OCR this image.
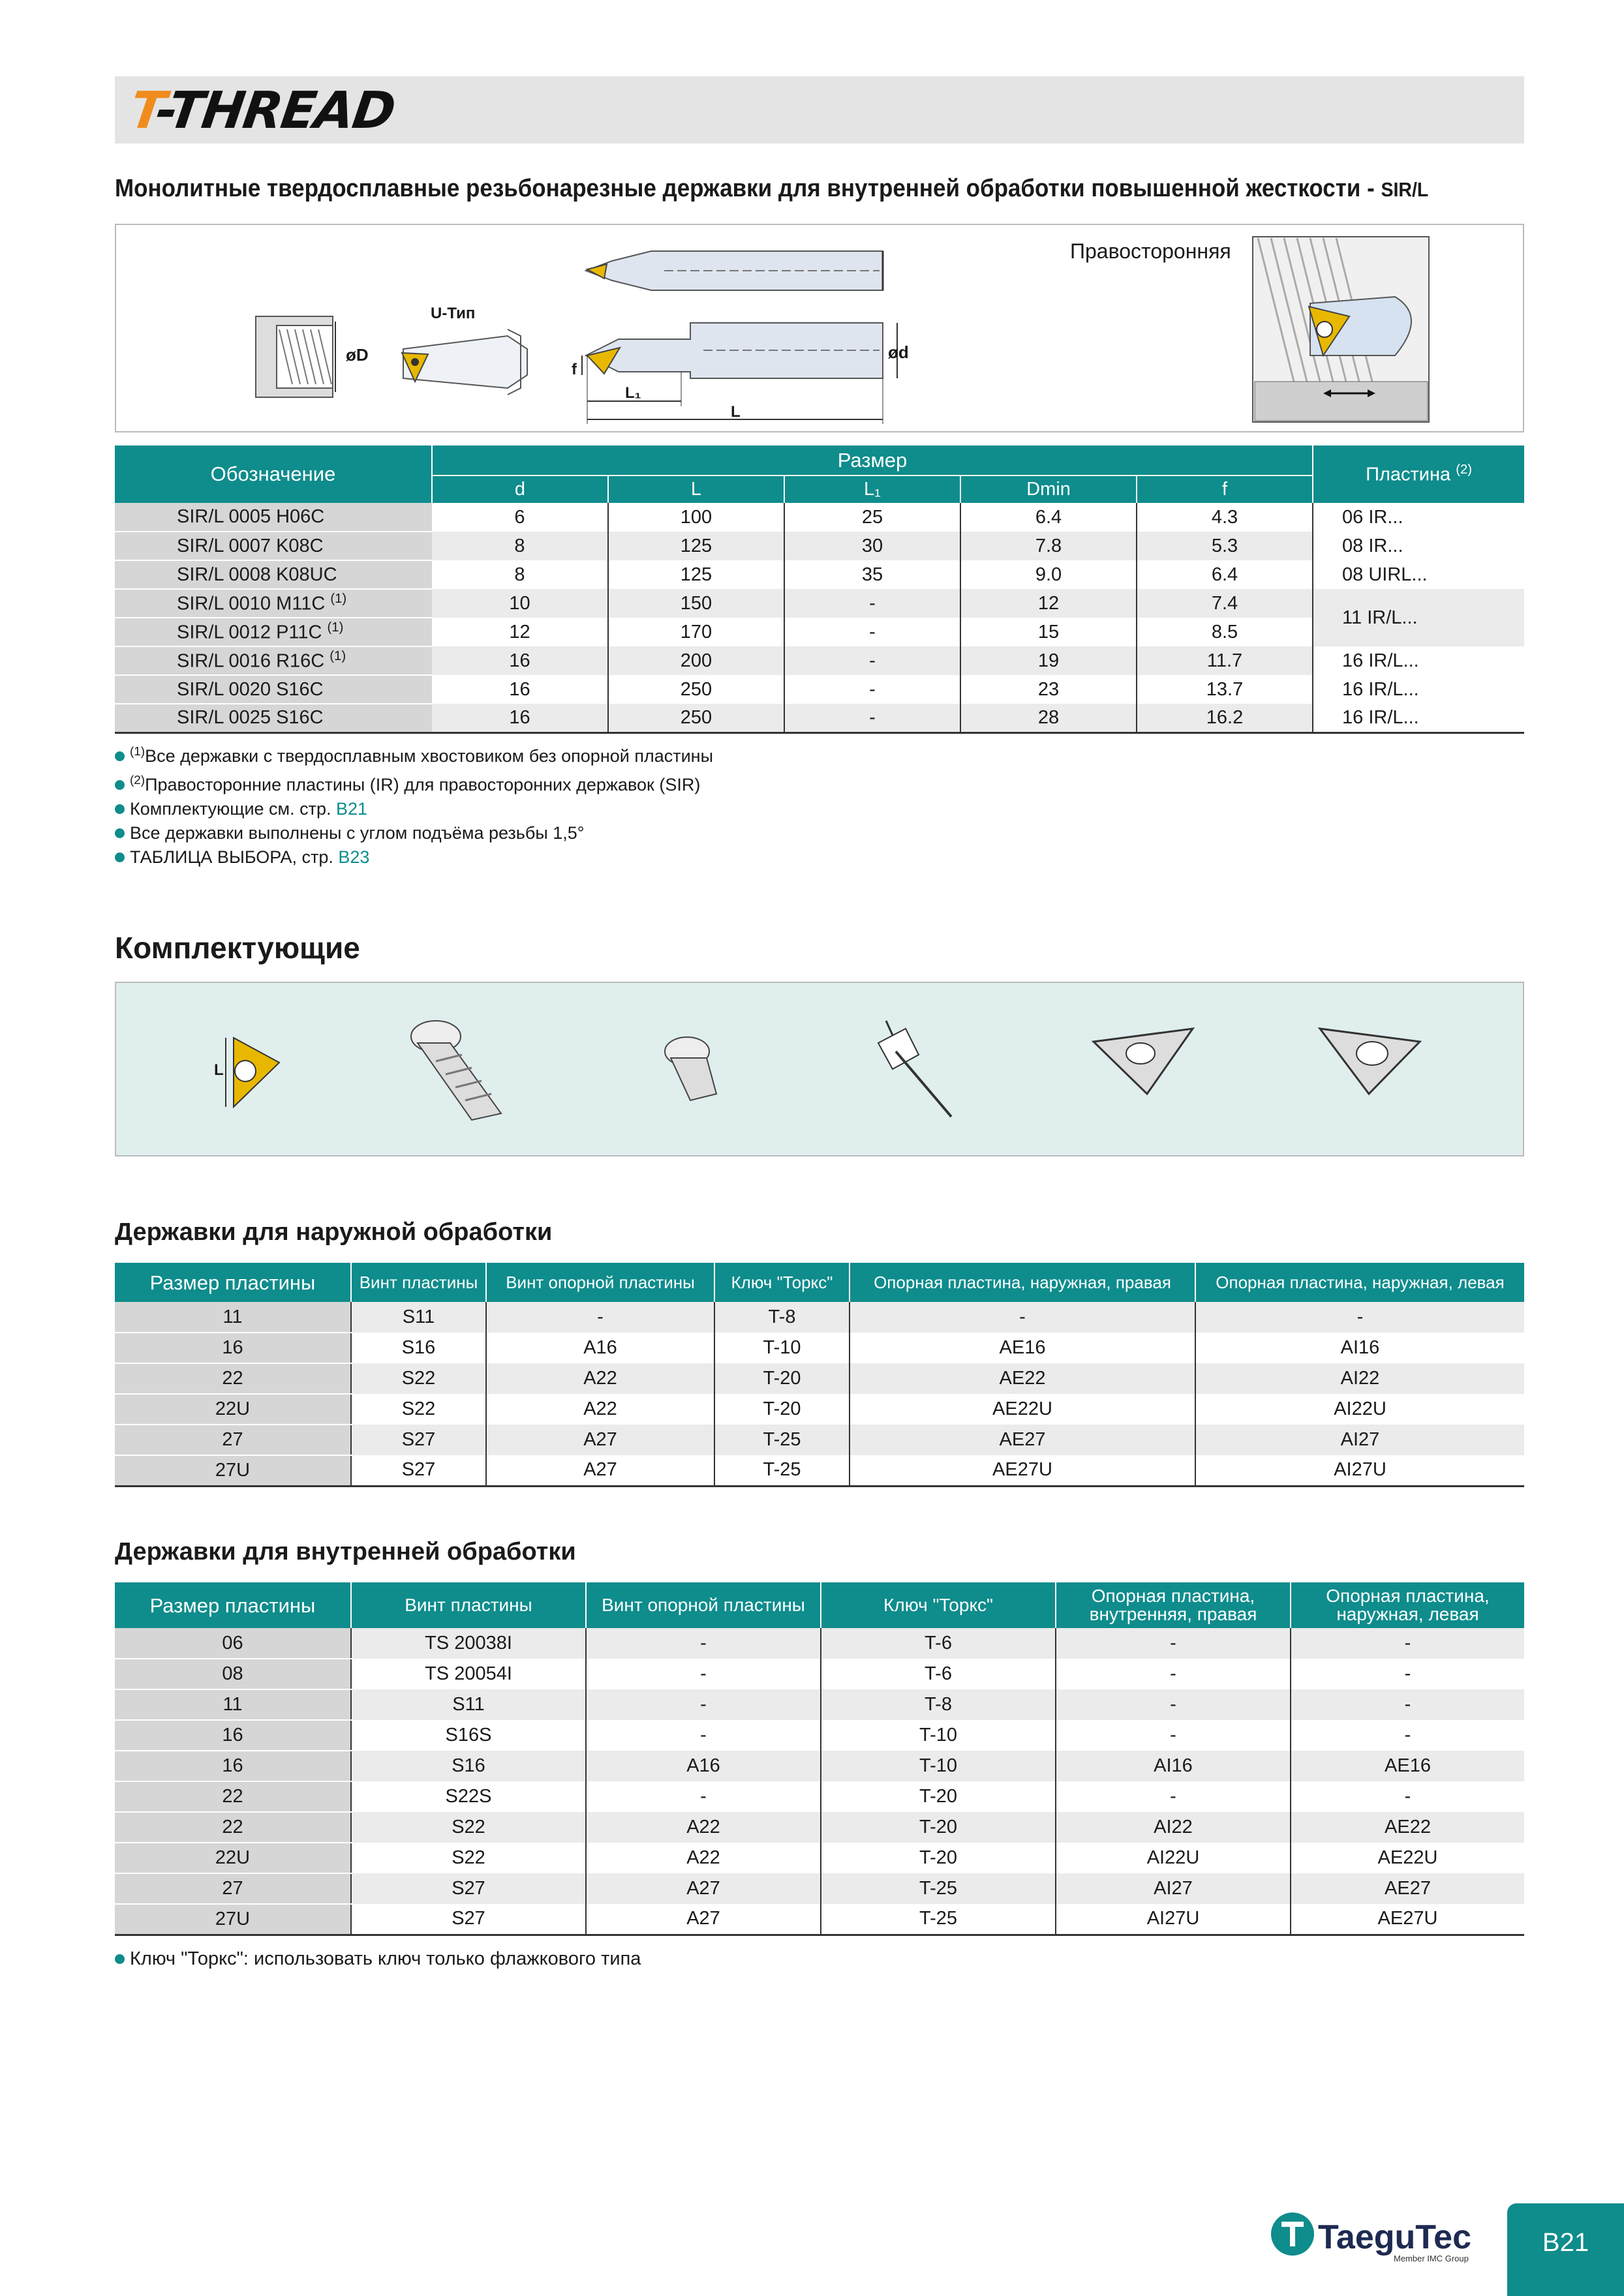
T-THREAD
Монолитные твердосплавные резьбонарезные державки для внутренней обработки повышенной жесткости - SIR/L
U-Тип
Правосторонняя
øD	ød
f
L₁
L
Обозначение	Размер					Пластина $^{(2)}$
	d	L	L₁	Dmin	f	
SIR/L 0005 H06C	6	100	25	6.4	4.3	06 IR...
SIR/L 0007 K08C	8	125	30	7.8	5.3	08 IR...
SIR/L 0008 K08UC	8	125	35	9.0	6.4	08 UIRL...
SIR/L 0010 M11C $^{(1)}$	10	150	-	12	7.4	11 IR/L...
SIR/L 0012 P11C $^{(1)}$	12	170	-	15	8.5	
SIR/L 0016 R16C $^{(1)}$	16	200	-	19	11.7	16 IR/L...
SIR/L 0020 S16C	16	250	-	23	13.7	16 IR/L...
SIR/L 0025 S16C	16	250	-	28	16.2	16 IR/L...
$^{(1)}$Все державки с твердосплавным хвостовиком без опорной пластины
$^{(2)}$Правосторонние пластины (IR) для правосторонних державок (SIR)
Комплектующие см. стр. B21
Все державки выполнены с углом подъёма резьбы 1,5°
ТАБЛИЦА ВЫБОРА, стр. B23
Комплектующие
L
Державки для наружной обработки
Размер пластины	Винт пластины	Винт опорной пластины	Ключ "Торкс"	Опорная пластина, наружная, правая	Опорная пластина, наружная, левая
11	S11	-	T-8	-	-
16	S16	A16	T-10	AE16	AI16
22	S22	A22	T-20	AE22	AI22
22U	S22	A22	T-20	AE22U	AI22U
27	S27	A27	T-25	AE27	AI27
27U	S27	A27	T-25	AE27U	AI27U
Державки для внутренней обработки
Размер пластины	Винт пластины	Винт опорной пластины	Ключ "Торкс"	Опорная пластина, внутренняя, правая	Опорная пластина, наружная, левая
06	TS 20038I	-	T-6	-	-
08	TS 20054I	-	T-6	-	-
11	S11	-	T-8	-	-
16	S16S	-	T-10	-	-
16	S16	A16	T-10	AI16	AE16
22	S22S	-	T-20	-	-
22	S22	A22	T-20	AI22	AE22
22U	S22	A22	T-20	AI22U	AE22U
27	S27	A27	T-25	AI27	AE27
27U	S27	A27	T-25	AI27U	AE27U
Ключ "Торкс": использовать ключ только флажкового типа
TaeguTec
Member IMC Group
B21
